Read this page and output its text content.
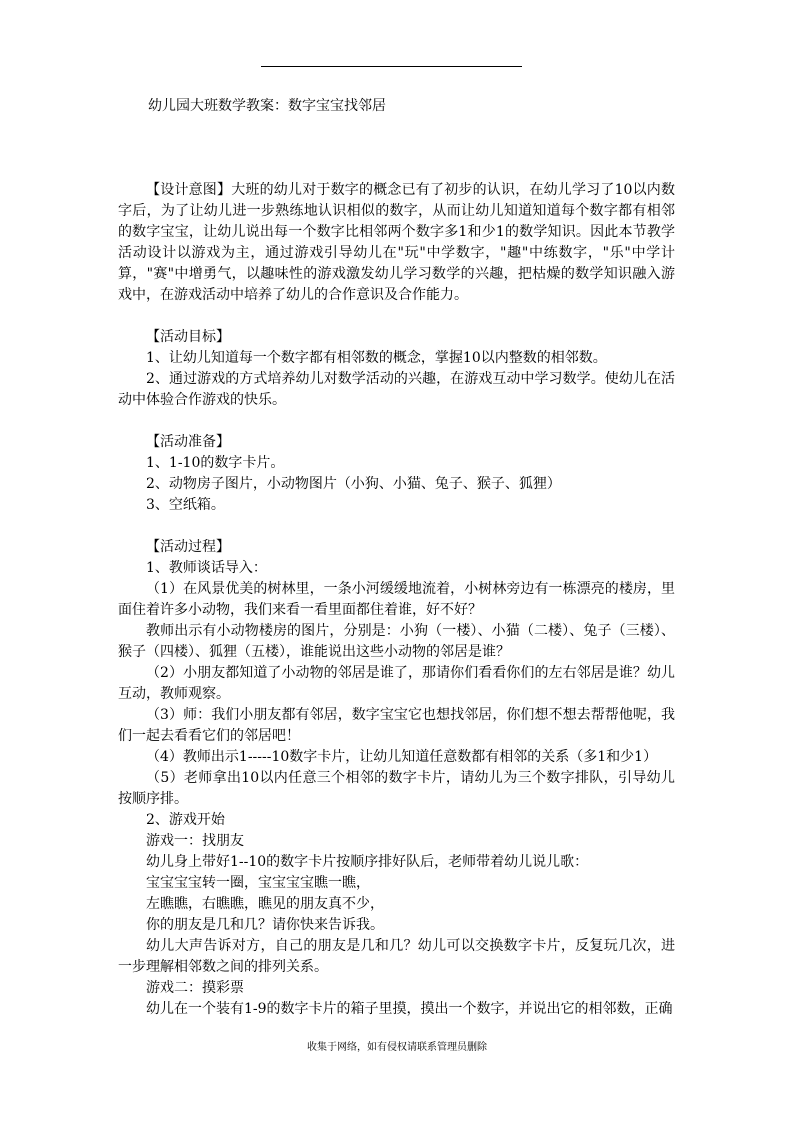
幼儿园大班数学教案：数字宝宝找邻居

【设计意图】大班的幼儿对于数字的概念已有了初步的认识，在幼儿学习了10以内数字后，为了让幼儿进一步熟练地认识相似的数字，从而让幼儿知道知道每个数字都有相邻的数字宝宝，让幼儿说出每一个数字比相邻两个数字多1和少1的数学知识。因此本节教学活动设计以游戏为主，通过游戏引导幼儿在"玩"中学数字，"趣"中练数字，"乐"中学计算，"赛"中增勇气，以趣味性的游戏激发幼儿学习数学的兴趣，把枯燥的数学知识融入游戏中，在游戏活动中培养了幼儿的合作意识及合作能力。

【活动目标】

1、让幼儿知道每一个数字都有相邻数的概念，掌握10以内整数的相邻数。

2、通过游戏的方式培养幼儿对数学活动的兴趣，在游戏互动中学习数学。使幼儿在活动中体验合作游戏的快乐。

【活动准备】

1、1-10的数字卡片。

2、动物房子图片，小动物图片（小狗、小猫、兔子、猴子、狐狸）

3、空纸箱。

【活动过程】

1、教师谈话导入：

（1）在风景优美的树林里，一条小河缓缓地流着，小树林旁边有一栋漂亮的楼房，里面住着许多小动物，我们来看一看里面都住着谁，好不好？

教师出示有小动物楼房的图片，分别是：小狗（一楼）、小猫（二楼）、兔子（三楼）、猴子（四楼）、狐狸（五楼），谁能说出这些小动物的邻居是谁？

（2）小朋友都知道了小动物的邻居是谁了，那请你们看看你们的左右邻居是谁？幼儿互动，教师观察。

（3）师：我们小朋友都有邻居，数字宝宝它也想找邻居，你们想不想去帮帮他呢，我们一起去看看它们的邻居吧！

（4）教师出示1-----10数字卡片，让幼儿知道任意数都有相邻的关系（多1和少1）

（5）老师拿出10以内任意三个相邻的数字卡片，请幼儿为三个数字排队，引导幼儿按顺序排。

2、游戏开始

游戏一：找朋友

幼儿身上带好1--10的数字卡片按顺序排好队后，老师带着幼儿说儿歌：

宝宝宝宝转一圈，宝宝宝宝瞧一瞧，

左瞧瞧，右瞧瞧，瞧见的朋友真不少，

你的朋友是几和几？请你快来告诉我。

幼儿大声告诉对方，自己的朋友是几和几？幼儿可以交换数字卡片，反复玩几次，进一步理解相邻数之间的排列关系。

游戏二：摸彩票

幼儿在一个装有1-9的数字卡片的箱子里摸，摸出一个数字，并说出它的相邻数，正确

收集于网络，如有侵权请联系管理员删除
